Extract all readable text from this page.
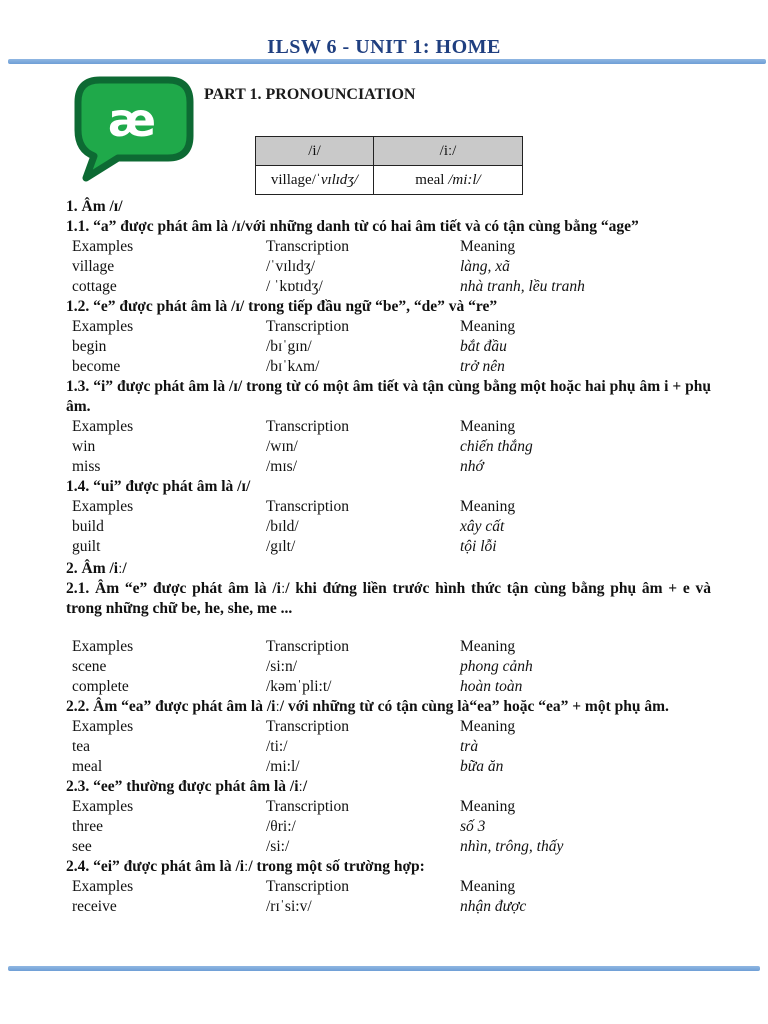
ILSW 6 - UNIT 1: HOME
æ	PART 1. PRONOUNCIATION
/i/	/iː/
village/ˈvɪlɪdʒ/	meal /mi:l/
1. Âm /ɪ/
1.1. “a” được phát âm là /ɪ/với những danh từ có hai âm tiết và có tận cùng bằng “age”
Examples	Transcription	Meaning
village	/ˈvɪlɪdʒ/	làng, xã
cottage	/ ˈkɒtɪdʒ/	nhà tranh, lều tranh
1.2. “e” được phát âm là /ɪ/ trong tiếp đầu ngữ “be”, “de” và “re”
Examples	Transcription	Meaning
begin	/bɪˈgɪn/	bắt đầu
become	/bɪˈkʌm/	trở nên
1.3. “i” được phát âm là /ɪ/ trong từ có một âm tiết và tận cùng bằng một hoặc hai phụ âm i + phụ âm.
Examples	Transcription	Meaning
win	/wɪn/	chiến thắng
miss	/mɪs/	nhớ
1.4. “ui” được phát âm là /ɪ/
Examples	Transcription	Meaning
build	/bɪld/	xây cất
guilt	/gɪlt/	tội lỗi
2. Âm /iː/
2.1. Âm “e” được phát âm là /iː/ khi đứng liền trước hình thức tận cùng bằng phụ âm + e và trong những chữ be, he, she, me ...
Examples	Transcription	Meaning
scene	/si:n/	phong cảnh
complete	/kəmˈpli:t/	hoàn toàn
2.2. Âm “ea” được phát âm là /iː/ với những từ có tận cùng là“ea” hoặc “ea” + một phụ âm.
Examples	Transcription	Meaning
tea	/ti:/	trà
meal	/mi:l/	bữa ăn
2.3. “ee” thường được phát âm là /iː/
Examples	Transcription	Meaning
three	/θri:/	số 3
see	/si:/	nhìn, trông, thấy
2.4. “ei” được phát âm là /iː/ trong một số trường hợp:
Examples	Transcription	Meaning
receive	/rɪˈsi:v/	nhận được
